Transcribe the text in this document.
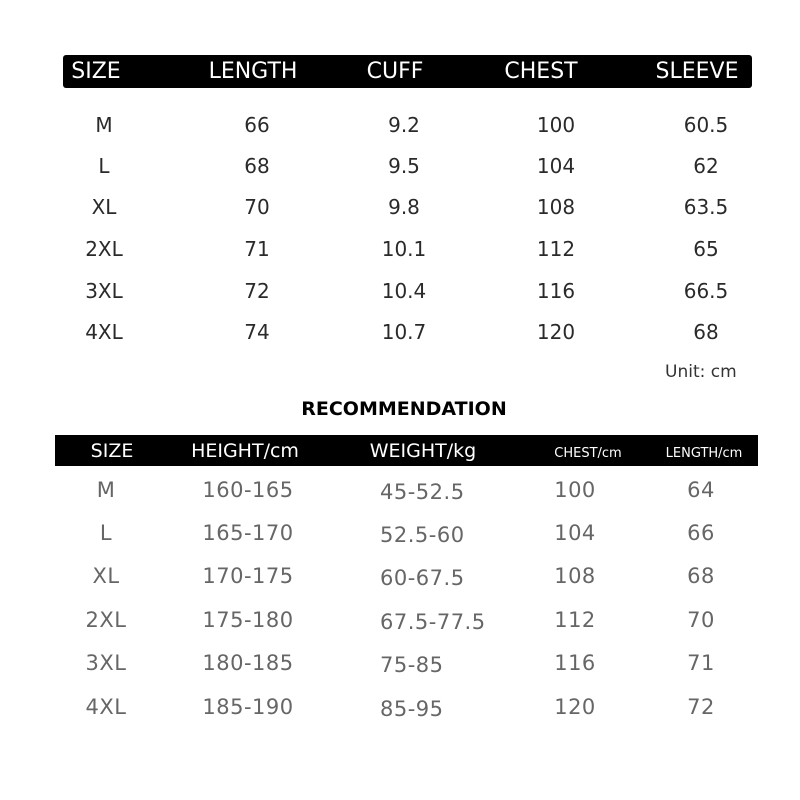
SIZE	LENGTH	CUFF	CHEST	SLEEVE
M	66	9.2	100	60.5
L	68	9.5	104	62
XL	70	9.8	108	63.5
2XL	71	10.1	112	65
3XL	72	10.4	116	66.5
4XL	74	10.7	120	68
Unit: cm
RECOMMENDATION
SIZE	HEIGHT/cm	WEIGHT/kg	CHEST/cm	LENGTH/cm
M	160-165	45-52.5	100	64
L	165-170	52.5-60	104	66
XL	170-175	60-67.5	108	68
2XL	175-180	67.5-77.5	112	70
3XL	180-185	75-85	116	71
4XL	185-190	85-95	120	72
